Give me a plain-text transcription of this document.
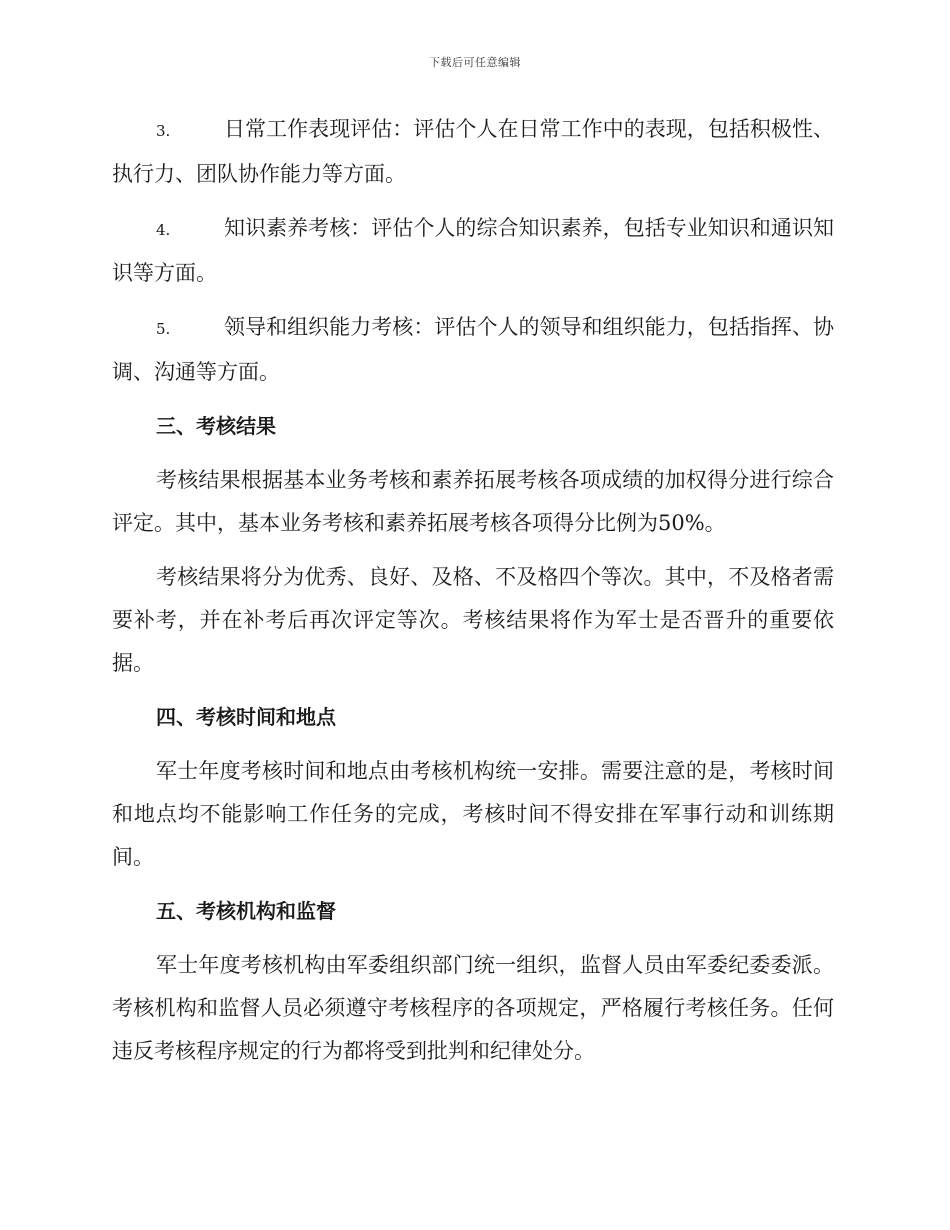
下载后可任意编辑
3.	日常工作表现评估：评估个人在日常工作中的表现，包括积极性、执行力、团队协作能力等方面。
4.	知识素养考核：评估个人的综合知识素养，包括专业知识和通识知识等方面。
5.	领导和组织能力考核：评估个人的领导和组织能力，包括指挥、协调、沟通等方面。
三、考核结果

考核结果根据基本业务考核和素养拓展考核各项成绩的加权得分进行综合评定。其中，基本业务考核和素养拓展考核各项得分比例为50%。

考核结果将分为优秀、良好、及格、不及格四个等次。其中，不及格者需要补考，并在补考后再次评定等次。考核结果将作为军士是否晋升的重要依据。

四、考核时间和地点

军士年度考核时间和地点由考核机构统一安排。需要注意的是，考核时间和地点均不能影响工作任务的完成，考核时间不得安排在军事行动和训练期间。

五、考核机构和监督

军士年度考核机构由军委组织部门统一组织，监督人员由军委纪委委派。考核机构和监督人员必须遵守考核程序的各项规定，严格履行考核任务。任何违反考核程序规定的行为都将受到批判和纪律处分。
